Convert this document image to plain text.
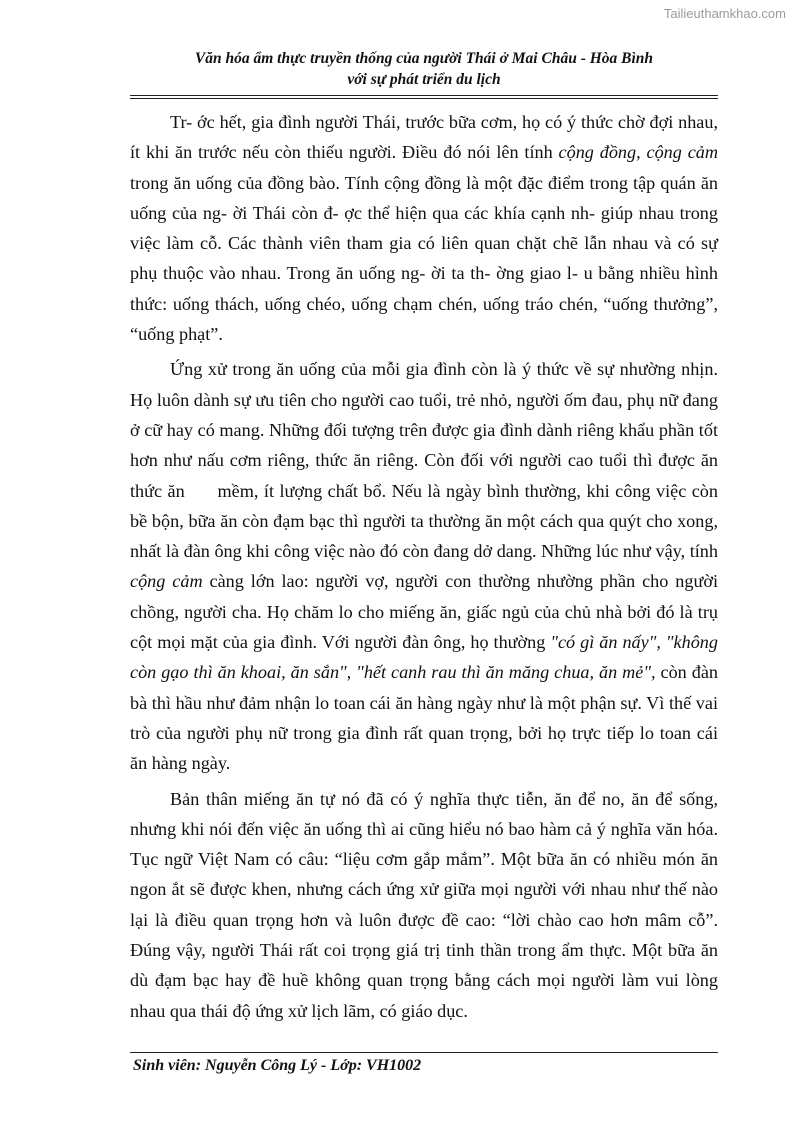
Tailieuthamkhao.com
Văn hóa ẩm thực truyền thống của người Thái ở Mai Châu - Hòa Bình
với sự phát triển du lịch

Tr- ớc hết, gia đình người Thái, trước bữa cơm, họ có ý thức chờ đợi nhau, ít khi ăn trước nếu còn thiếu người. Điều đó nói lên tính cộng đồng, cộng cảm trong ăn uống của đồng bào. Tính cộng đồng là một đặc điểm trong tập quán ăn uống của ng- ời Thái còn đ- ợc thể hiện qua các khía cạnh nh- giúp nhau trong việc làm cỗ. Các thành viên tham gia có liên quan chặt chẽ lẫn nhau và có sự phụ thuộc vào nhau. Trong ăn uống ng- ời ta th- ờng giao l- u bằng nhiều hình thức: uống thách, uống chéo, uống chạm chén, uống tráo chén, “uống thưởng”, “uống phạt”.

Ứng xử trong ăn uống của mỗi gia đình còn là ý thức về sự nhường nhịn. Họ luôn dành sự ưu tiên cho người cao tuổi, trẻ nhỏ, người ốm đau, phụ nữ đang ở cữ hay có mang. Những đối tượng trên được gia đình dành riêng khẩu phần tốt hơn như nấu cơm riêng, thức ăn riêng. Còn đối với người cao tuổi thì được ăn thức ăn      mềm, ít lượng chất bổ. Nếu là ngày bình thường, khi công việc còn bề bộn, bữa ăn còn đạm bạc thì người ta thường ăn một cách qua quýt cho xong, nhất là đàn ông khi công việc nào đó còn đang dở dang. Những lúc như vậy, tính cộng cảm càng lớn lao: người vợ, người con thường nhường phần cho người chồng, người cha. Họ chăm lo cho miếng ăn, giấc ngủ của chủ nhà bởi đó là trụ cột mọi mặt của gia đình. Với người đàn ông, họ thường "có gì ăn nấy", "không còn gạo thì ăn khoai, ăn sắn", "hết canh rau thì ăn măng chua, ăn mẻ", còn đàn bà thì hầu như đảm nhận lo toan cái ăn hàng ngày như là một phận sự. Vì thế vai trò của người phụ nữ trong gia đình rất quan trọng, bởi họ trực tiếp lo toan cái ăn hàng ngày.

Bản thân miếng ăn tự nó đã có ý nghĩa thực tiễn, ăn để no, ăn để sống, nhưng khi nói đến việc ăn uống thì ai cũng hiểu nó bao hàm cả ý nghĩa văn hóa. Tục ngữ Việt Nam có câu: “liệu cơm gắp mắm”. Một bữa ăn có nhiều món ăn ngon ắt sẽ được khen, nhưng cách ứng xử giữa mọi người với nhau như thế nào lại là điều quan trọng hơn và luôn được đề cao: “lời chào cao hơn mâm cỗ”. Đúng vậy, người Thái rất coi trọng giá trị tinh thần trong ẩm thực. Một bữa ăn dù đạm bạc hay đề huề không quan trọng bằng cách mọi người làm vui lòng nhau qua thái độ ứng xử lịch lãm, có giáo dục.

Sinh viên: Nguyễn Công Lý - Lớp: VH1002
